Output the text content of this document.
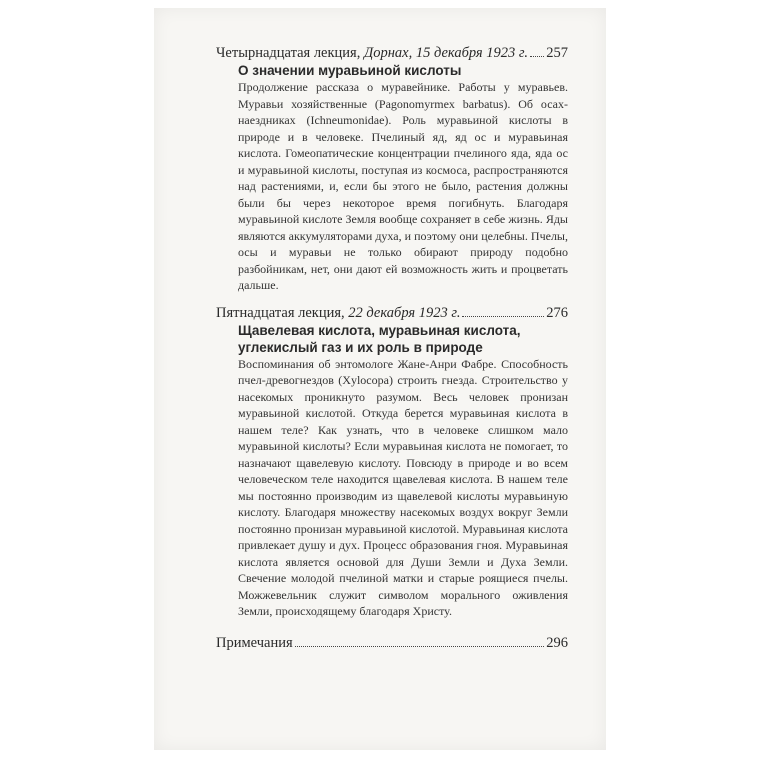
Четырнадцатая лекция,
Дорнах, 15 декабря 1923 г. 257
О значении муравьиной кислоты
Продолжение рассказа о муравейнике. Работы у муравьев. Муравьи хозяйственные (Pagonomyrmex barbatus). Об осах-наездниках (Ichneumonidae). Роль муравьиной кислоты в природе и в человеке. Пчелиный яд, яд ос и муравьиная кислота. Гомеопатические концентрации пчелиного яда, яда ос и муравьиной кислоты, поступая из космоса, распространяются над растениями, и, если бы этого не было, растения должны были бы через некоторое время погибнуть. Благодаря муравьиной кислоте Земля вообще сохраняет в себе жизнь. Яды являются аккумуляторами духа, и поэтому они целебны. Пчелы, осы и муравьи не только обирают природу подобно разбойникам, нет, они дают ей возможность жить и процветать дальше.
Пятнадцатая лекция,
22 декабря 1923 г.	276
Щавелевая кислота, муравьиная кислота, углекислый газ и их роль в природе
Воспоминания об энтомологе Жане-Анри Фабре. Способность пчел-древогнездов (Xylocopa) строить гнезда. Строительство у насекомых проникнуто разумом. Весь человек пронизан муравьиной кислотой. Откуда берется муравьиная кислота в нашем теле? Как узнать, что в человеке слишком мало муравьиной кислоты? Если муравьиная кислота не помогает, то назначают щавелевую кислоту. Повсюду в природе и во всем человеческом теле находится щавелевая кислота. В нашем теле мы постоянно производим из щавелевой кислоты муравьиную кислоту. Благодаря множеству насекомых воздух вокруг Земли постоянно пронизан муравьиной кислотой. Муравьиная кислота привлекает душу и дух. Процесс образования гноя. Муравьиная кислота является основой для Души Земли и Духа Земли. Свечение молодой пчелиной матки и старые роящиеся пчелы. Можжевельник служит символом морального оживления Земли, происходящему благодаря Христу.
Примечания	296
